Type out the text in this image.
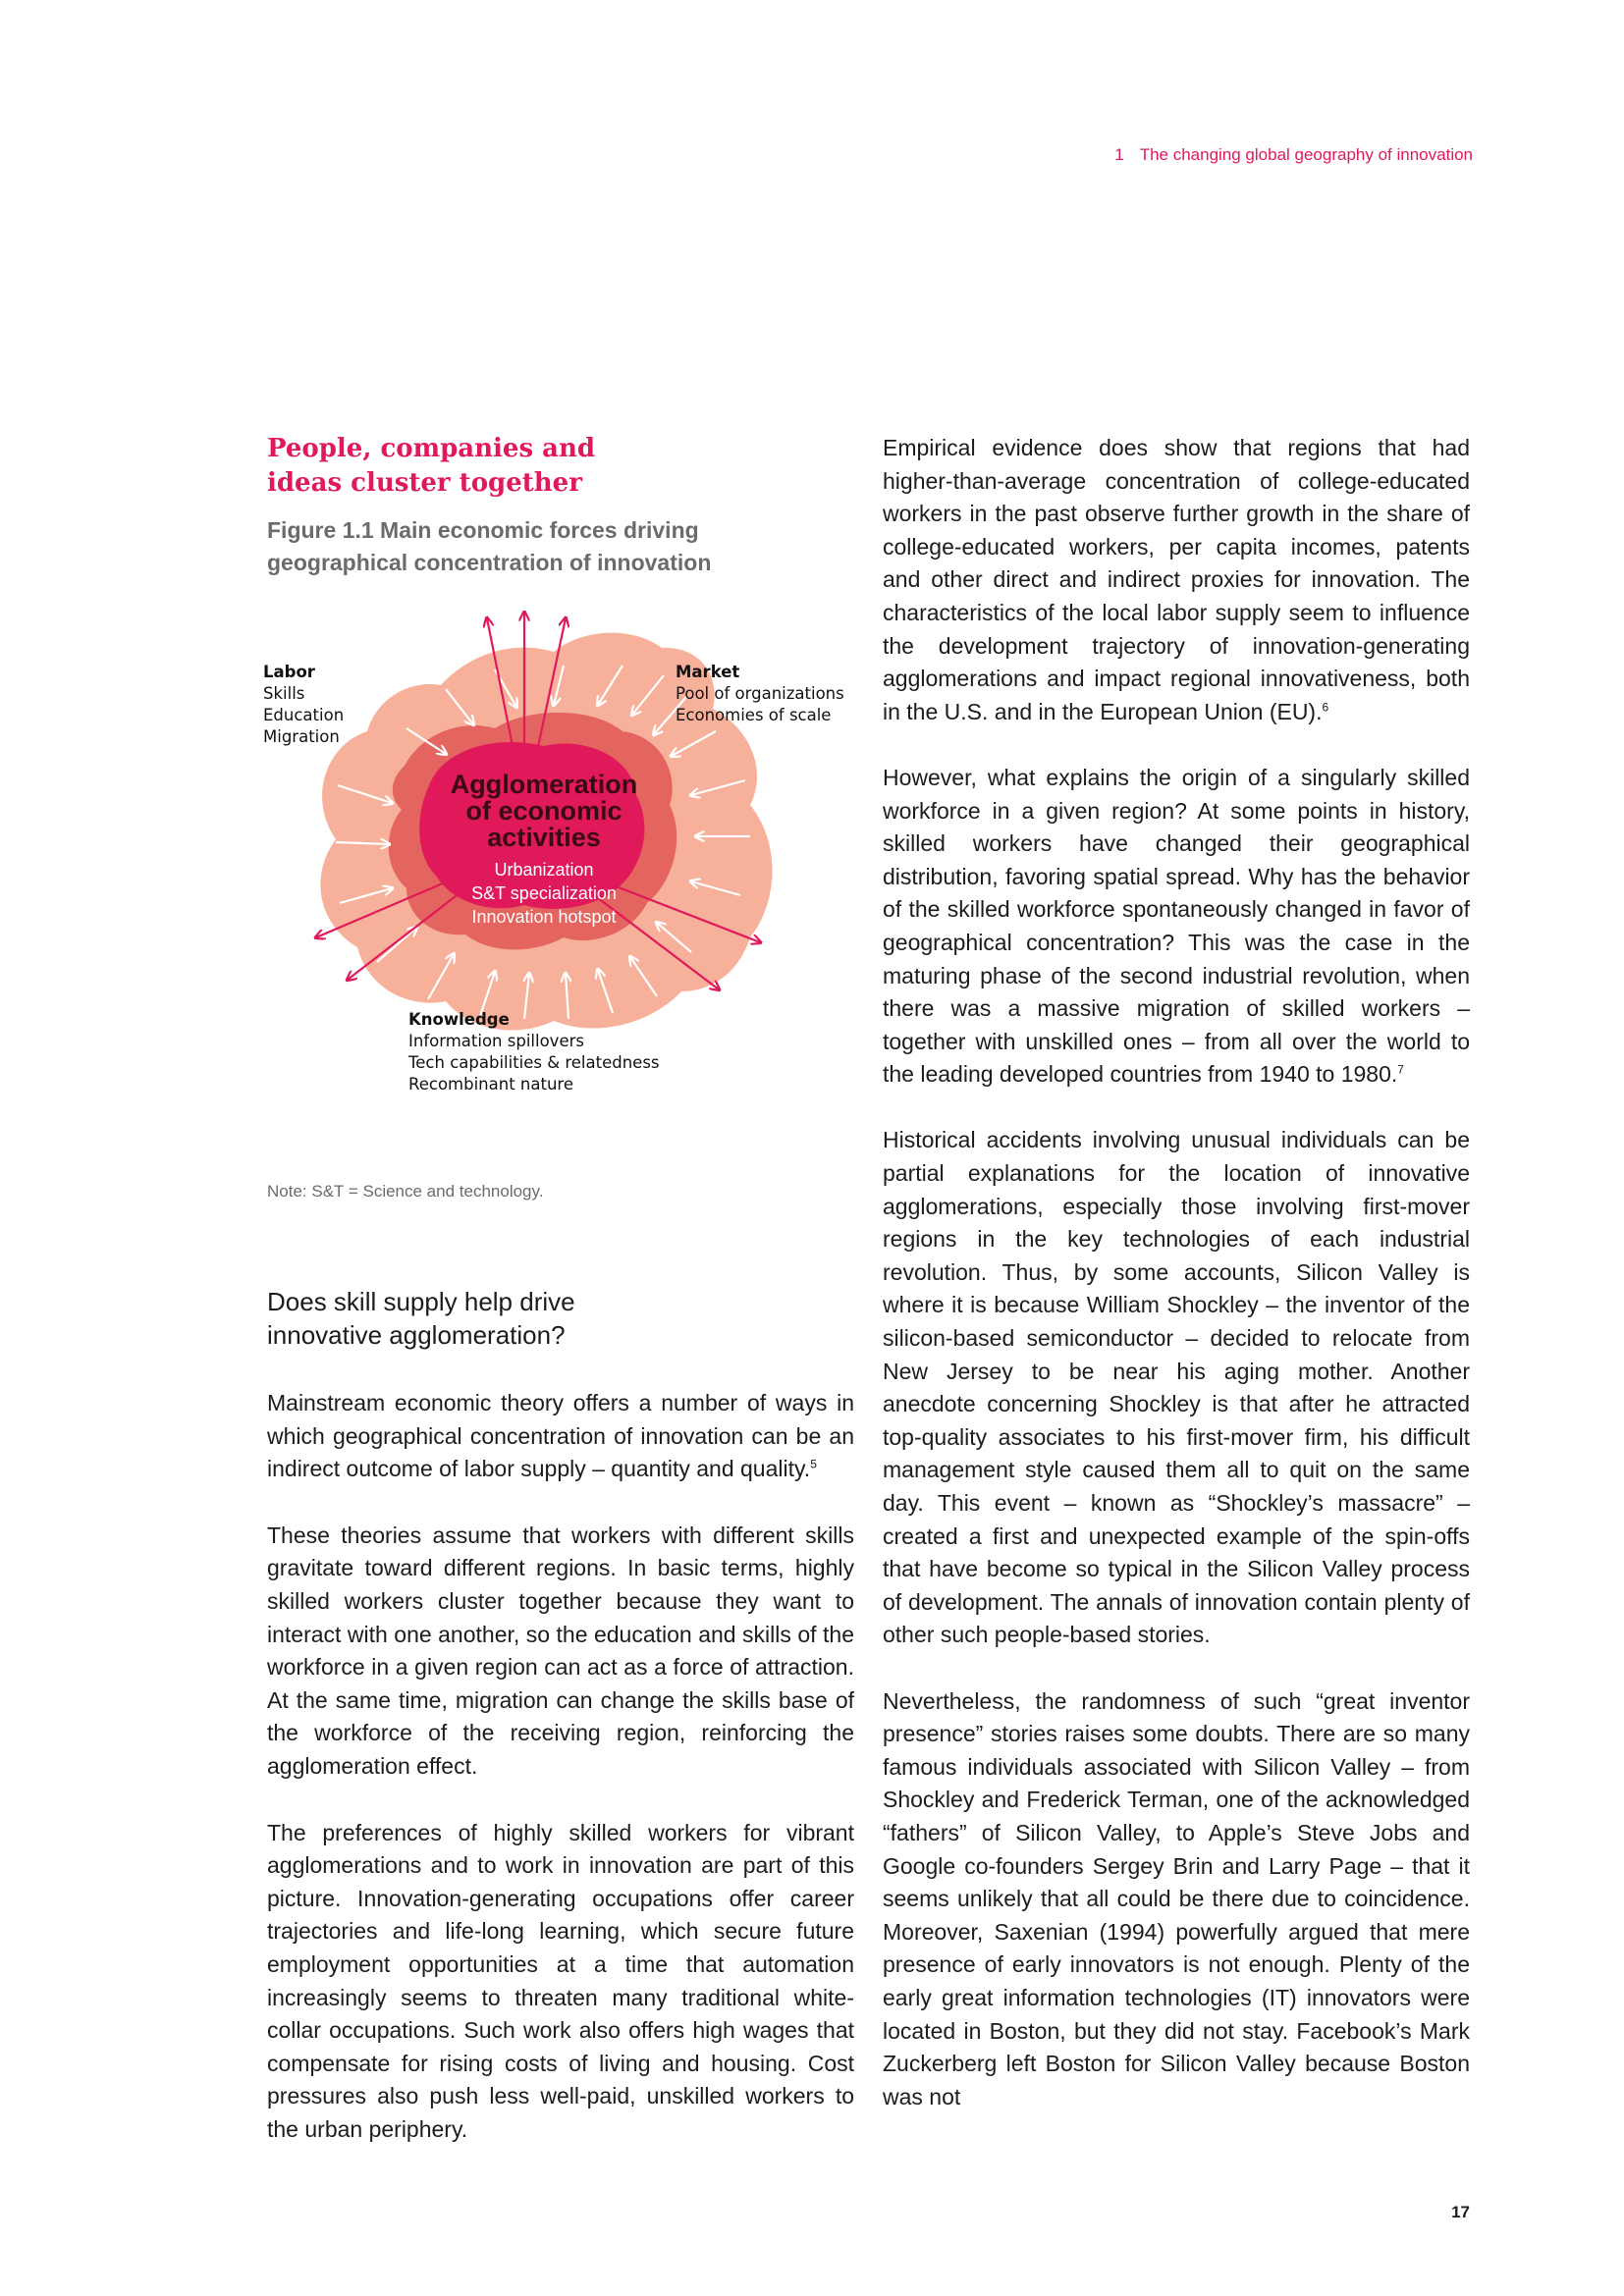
1 The changing global geography of innovation
People, companies and
ideas cluster together
Figure 1.1 Main economic forces driving
geographical concentration of innovation
Agglomeration
of economic
activities
Urbanization
S&T specialization
Innovation hotspot
Labor
Skills
Education
Migration
Market
Pool of organizations
Economies of scale
Knowledge
Information spillovers
Tech capabilities & relatedness
Recombinant nature
Note: S&T = Science and technology.
Does skill supply help drive
innovative agglomeration?

Mainstream economic theory offers a number of ways in which geographical concentration of innovation can be an indirect outcome of labor supply – quantity and quality.$^5$

These theories assume that workers with different skills gravitate toward different regions. In basic terms, highly skilled workers cluster together because they want to interact with one another, so the education and skills of the workforce in a given region can act as a force of attraction. At the same time, migration can change the skills base of the workforce of the receiving region, reinforcing the agglomeration effect.

The preferences of highly skilled workers for vibrant agglomerations and to work in innovation are part of this picture. Innovation-generating occupations offer career trajectories and life-long learning, which secure future employment opportunities at a time that automation increasingly seems to threaten many traditional white-collar occupations. Such work also offers high wages that compensate for rising costs of living and housing. Cost pressures also push less well-paid, unskilled workers to the urban periphery.

Empirical evidence does show that regions that had higher-than-average concentration of college-educated workers in the past observe further growth in the share of college-educated workers, per capita incomes, patents and other direct and indirect proxies for innovation. The characteristics of the local labor supply seem to influence the development trajectory of innovation-generating agglomerations and impact regional innovativeness, both in the U.S. and in the European Union (EU).$^6$

However, what explains the origin of a singularly skilled workforce in a given region? At some points in history, skilled workers have changed their geographical distribution, favoring spatial spread. Why has the behavior of the skilled workforce spontaneously changed in favor of geographical concentration? This was the case in the maturing phase of the second industrial revolution, when there was a massive migration of skilled workers – together with unskilled ones – from all over the world to the leading developed countries from 1940 to 1980.$^7$

Historical accidents involving unusual individuals can be partial explanations for the location of innovative agglomerations, especially those involving first-mover regions in the key technologies of each industrial revolution. Thus, by some accounts, Silicon Valley is where it is because William Shockley – the inventor of the silicon-based semiconductor – decided to relocate from New Jersey to be near his aging mother. Another anecdote concerning Shockley is that after he attracted top-quality associates to his first-mover firm, his difficult management style caused them all to quit on the same day. This event – known as “Shockley’s massacre” – created a first and unexpected example of the spin-offs that have become so typical in the Silicon Valley process of development. The annals of innovation contain plenty of other such people-based stories.

Nevertheless, the randomness of such “great inventor presence” stories raises some doubts. There are so many famous individuals associated with Silicon Valley – from Shockley and Frederick Terman, one of the acknowledged “fathers” of Silicon Valley, to Apple’s Steve Jobs and Google co-founders Sergey Brin and Larry Page – that it seems unlikely that all could be there due to coincidence. Moreover, Saxenian (1994) powerfully argued that mere presence of early innovators is not enough. Plenty of the early great information technologies (IT) innovators were located in Boston, but they did not stay. Facebook’s Mark Zuckerberg left Boston for Silicon Valley because Boston was not

17
